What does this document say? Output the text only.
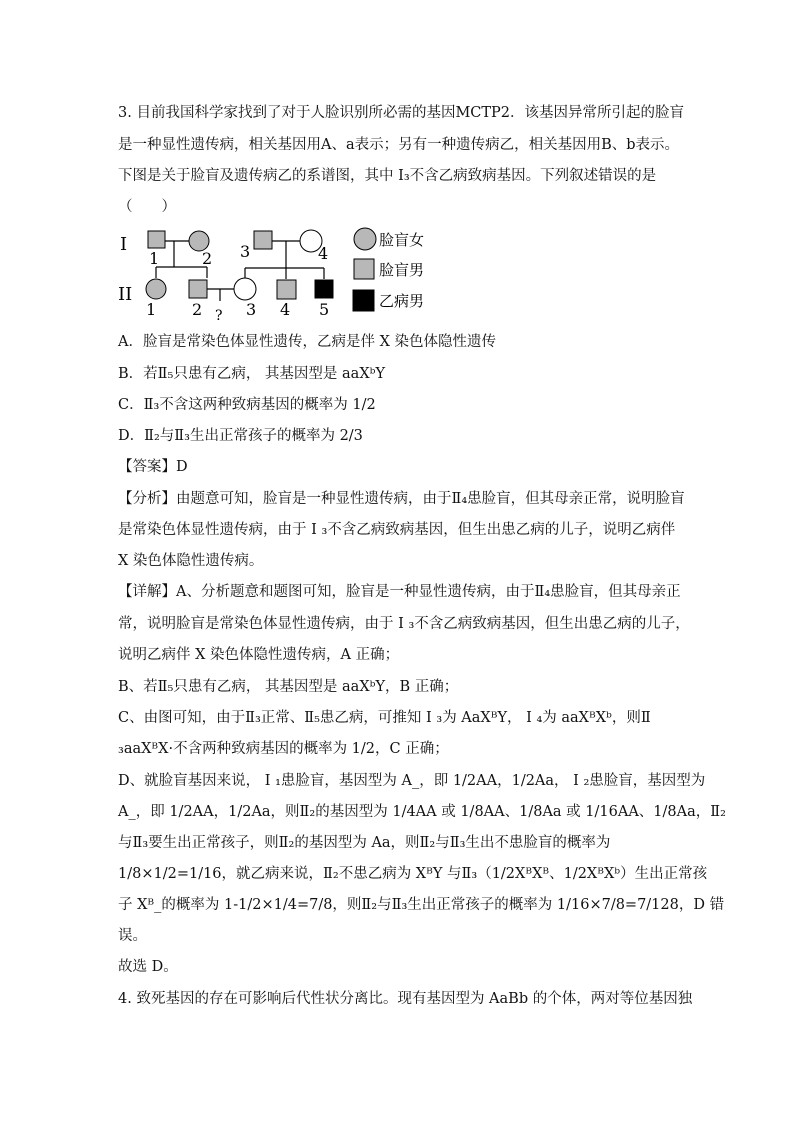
3. 目前我国科学家找到了对于人脸识别所必需的基因MCTP2．该基因异常所引起的脸盲
是一种显性遗传病，相关基因用A、a表示；另有一种遗传病乙，相关基因用B、b表示。
下图是关于脸盲及遗传病乙的系谱图，其中 I₃不含乙病致病基因。下列叙述错误的是
（　　）
I
II
1	2 3	4
1 2 ? 3 4 5
脸盲女
脸盲男
乙病男
A．脸盲是常染色体显性遗传，乙病是伴 X 染色体隐性遗传
B．若Ⅱ₅只患有乙病， 其基因型是 aaXᵇY
C．Ⅱ₃不含这两种致病基因的概率为 1/2
D．Ⅱ₂与Ⅱ₃生出正常孩子的概率为 2/3
【答案】D
【分析】由题意可知，脸盲是一种显性遗传病，由于Ⅱ₄患脸盲，但其母亲正常，说明脸盲
是常染色体显性遗传病，由于 I ₃不含乙病致病基因，但生出患乙病的儿子，说明乙病伴
X 染色体隐性遗传病。
【详解】A、分析题意和题图可知，脸盲是一种显性遗传病，由于Ⅱ₄患脸盲，但其母亲正
常，说明脸盲是常染色体显性遗传病，由于 I ₃不含乙病致病基因，但生出患乙病的儿子，
说明乙病伴 X 染色体隐性遗传病，A 正确；
B、若Ⅱ₅只患有乙病， 其基因型是 aaXᵇY，B 正确；
C、由图可知，由于Ⅱ₃正常、Ⅱ₅患乙病，可推知 I ₃为 AaXᴮY， I ₄为 aaXᴮXᵇ，则Ⅱ
₃aaXᴮX·不含两种致病基因的概率为 1/2，C 正确；
D、就脸盲基因来说， I ₁患脸盲，基因型为 A_，即 1/2AA，1/2Aa， I ₂患脸盲，基因型为
A_，即 1/2AA，1/2Aa，则Ⅱ₂的基因型为 1/4AA 或 1/8AA、1/8Aa 或 1/16AA、1/8Aa，Ⅱ₂
与Ⅱ₃要生出正常孩子，则Ⅱ₂的基因型为 Aa，则Ⅱ₂与Ⅱ₃生出不患脸盲的概率为
1/8×1/2=1/16，就乙病来说，Ⅱ₂不患乙病为 XᴮY 与Ⅱ₃（1/2XᴮXᴮ、1/2XᴮXᵇ）生出正常孩
子 Xᴮ_的概率为 1-1/2×1/4=7/8，则Ⅱ₂与Ⅱ₃生出正常孩子的概率为 1/16×7/8=7/128，D 错
误。
故选 D。
4. 致死基因的存在可影响后代性状分离比。现有基因型为 AaBb 的个体，两对等位基因独
